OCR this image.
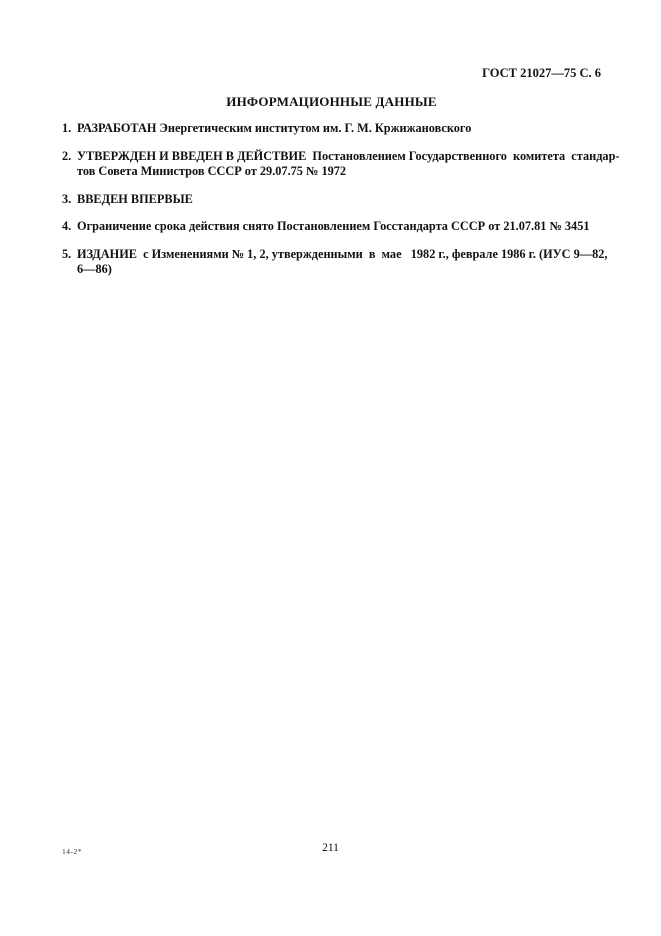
ГОСТ 21027—75 С. 6
ИНФОРМАЦИОННЫЕ ДАННЫЕ
1. РАЗРАБОТАН Энергетическим институтом им. Г. М. Кржижановского
2. УТВЕРЖДЕН И ВВЕДЕН В ДЕЙСТВИЕ  Постановлением Государственного  комитета  стандар-
тов Совета Министров СССР от 29.07.75 № 1972
3. ВВЕДЕН ВПЕРВЫЕ
4. Ограничение срока действия снято Постановлением Госстандарта СССР от 21.07.81 № 3451
5. ИЗДАНИЕ  с Изменениями № 1, 2, утвержденными  в  мае   1982 г., феврале 1986 г. (ИУС 9—82,
6—86)
14-2*	211
